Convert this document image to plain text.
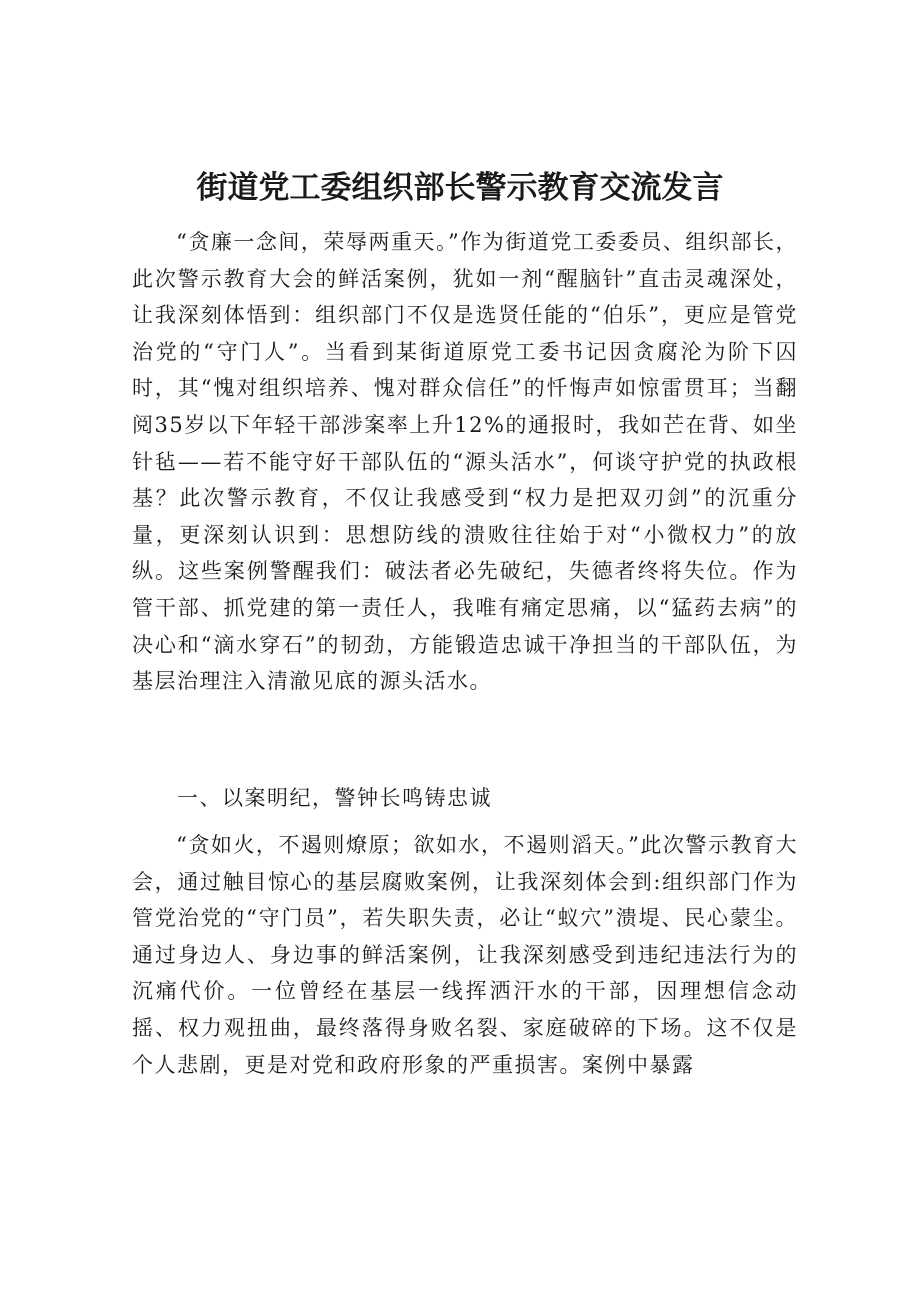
街道党工委组织部长警示教育交流发言

“贪廉一念间，荣辱两重天。”作为街道党工委委员、组织部长，此次警示教育大会的鲜活案例，犹如一剂“醒脑针”直击灵魂深处，让我深刻体悟到：组织部门不仅是选贤任能的“伯乐”，更应是管党治党的“守门人”。当看到某街道原党工委书记因贪腐沦为阶下囚时，其“愧对组织培养、愧对群众信任”的忏悔声如惊雷贯耳；当翻阅35岁以下年轻干部涉案率上升12%的通报时，我如芒在背、如坐针毡——若不能守好干部队伍的“源头活水”，何谈守护党的执政根基？此次警示教育，不仅让我感受到“权力是把双刃剑”的沉重分量，更深刻认识到：思想防线的溃败往往始于对“小微权力”的放纵。这些案例警醒我们：破法者必先破纪，失德者终将失位。作为管干部、抓党建的第一责任人，我唯有痛定思痛，以“猛药去病”的决心和“滴水穿石”的韧劲，方能锻造忠诚干净担当的干部队伍，为基层治理注入清澈见底的源头活水。

一、以案明纪，警钟长鸣铸忠诚

“贪如火，不遏则燎原；欲如水，不遏则滔天。”此次警示教育大会，通过触目惊心的基层腐败案例，让我深刻体会到:组织部门作为管党治党的“守门员”，若失职失责，必让“蚁穴”溃堤、民心蒙尘。通过身边人、身边事的鲜活案例，让我深刻感受到违纪违法行为的沉痛代价。一位曾经在基层一线挥洒汗水的干部，因理想信念动摇、权力观扭曲，最终落得身败名裂、家庭破碎的下场。这不仅是个人悲剧，更是对党和政府形象的严重损害。案例中暴露
